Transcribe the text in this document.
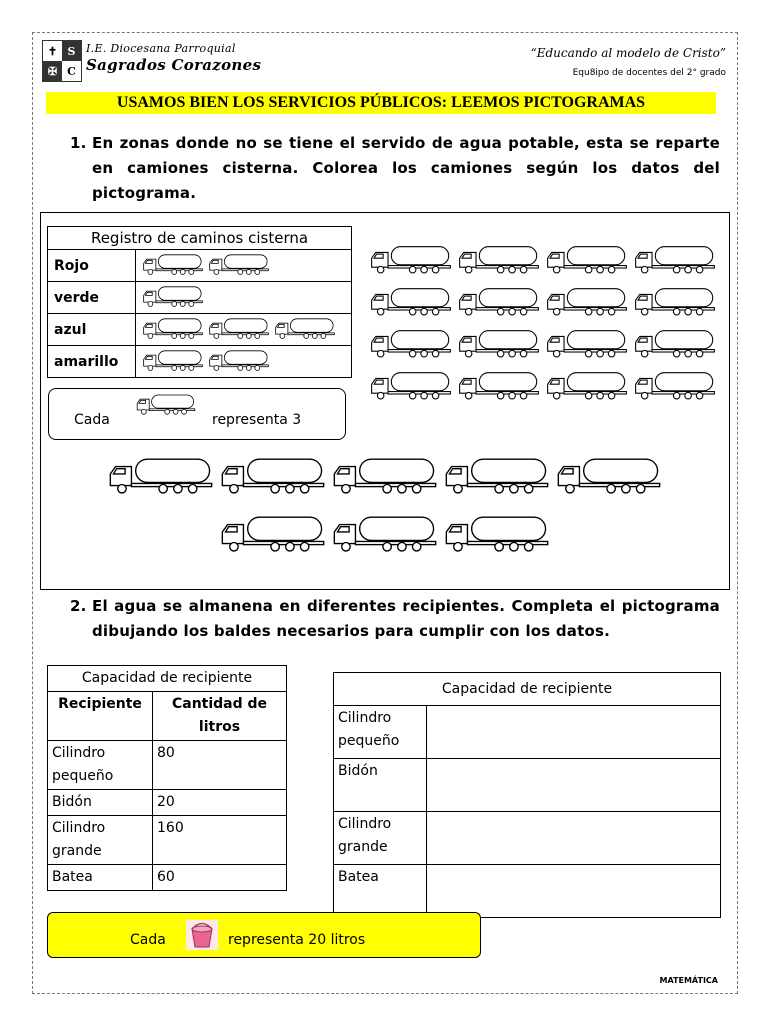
✝ S
✠ C
I.E. Diocesana Parroquial
Sagrados Corazones
“Educando al modelo de Cristo”
Equ8ipo de docentes del 2° grado
USAMOS BIEN LOS SERVICIOS PÚBLICOS: LEEMOS PICTOGRAMAS
1. En zonas donde no se tiene el servido de agua potable, esta se reparte en camiones cisterna. Colorea los camiones según los datos del pictograma.
Registro de caminos cisterna	
Rojo	
verde	
azul	
amarillo	
Cada	representa 3
2. El agua se almanena en diferentes recipientes. Completa el pictograma dibujando los baldes necesarios para cumplir con los datos.
Capacidad de recipiente	
Recipiente	Cantidad de litros
Cilindro pequeño	80
Bidón	20
Cilindro grande	160
Batea	60
Capacidad de recipiente	
Cilindro pequeño	
Bidón	
Cilindro grande	
Batea	
Cada	representa 20 litros
MATEMÁTICA
